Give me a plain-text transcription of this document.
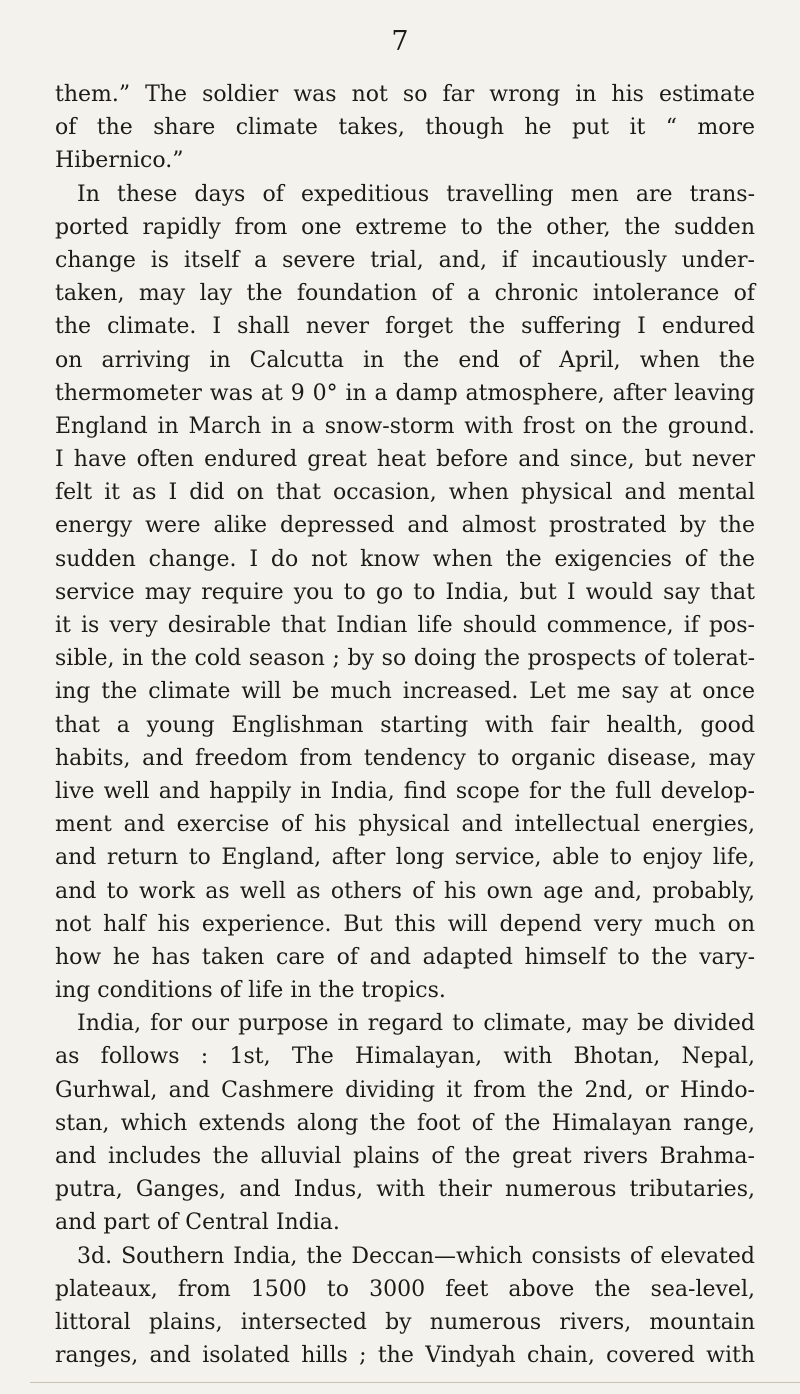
7
them.” The soldier was not so far wrong in his estimate
of the share climate takes, though he put it “ more
Hibernico.”
In these days of expeditious travelling men are trans-
ported rapidly from one extreme to the other, the sudden
change is itself a severe trial, and, if incautiously under-
taken, may lay the foundation of a chronic intolerance of
the climate. I shall never forget the suffering I endured
on arriving in Calcutta in the end of April, when the
thermometer was at 9 0° in a damp atmosphere, after leaving
England in March in a snow-storm with frost on the ground.
I have often endured great heat before and since, but never
felt it as I did on that occasion, when physical and mental
energy were alike depressed and almost prostrated by the
sudden change. I do not know when the exigencies of the
service may require you to go to India, but I would say that
it is very desirable that Indian life should commence, if pos-
sible, in the cold season ; by so doing the prospects of tolerat-
ing the climate will be much increased. Let me say at once
that a young Englishman starting with fair health, good
habits, and freedom from tendency to organic disease, may
live well and happily in India, find scope for the full develop-
ment and exercise of his physical and intellectual energies,
and return to England, after long service, able to enjoy life,
and to work as well as others of his own age and, probably,
not half his experience. But this will depend very much on
how he has taken care of and adapted himself to the vary-
ing conditions of life in the tropics.
India, for our purpose in regard to climate, may be divided
as follows : 1st, The Himalayan, with Bhotan, Nepal,
Gurhwal, and Cashmere dividing it from the 2nd, or Hindo-
stan, which extends along the foot of the Himalayan range,
and includes the alluvial plains of the great rivers Brahma-
putra, Ganges, and Indus, with their numerous tributaries,
and part of Central India.
3d. Southern India, the Deccan—which consists of elevated
plateaux, from 1500 to 3000 feet above the sea-level,
littoral plains, intersected by numerous rivers, mountain
ranges, and isolated hills ; the Vindyah chain, covered with
